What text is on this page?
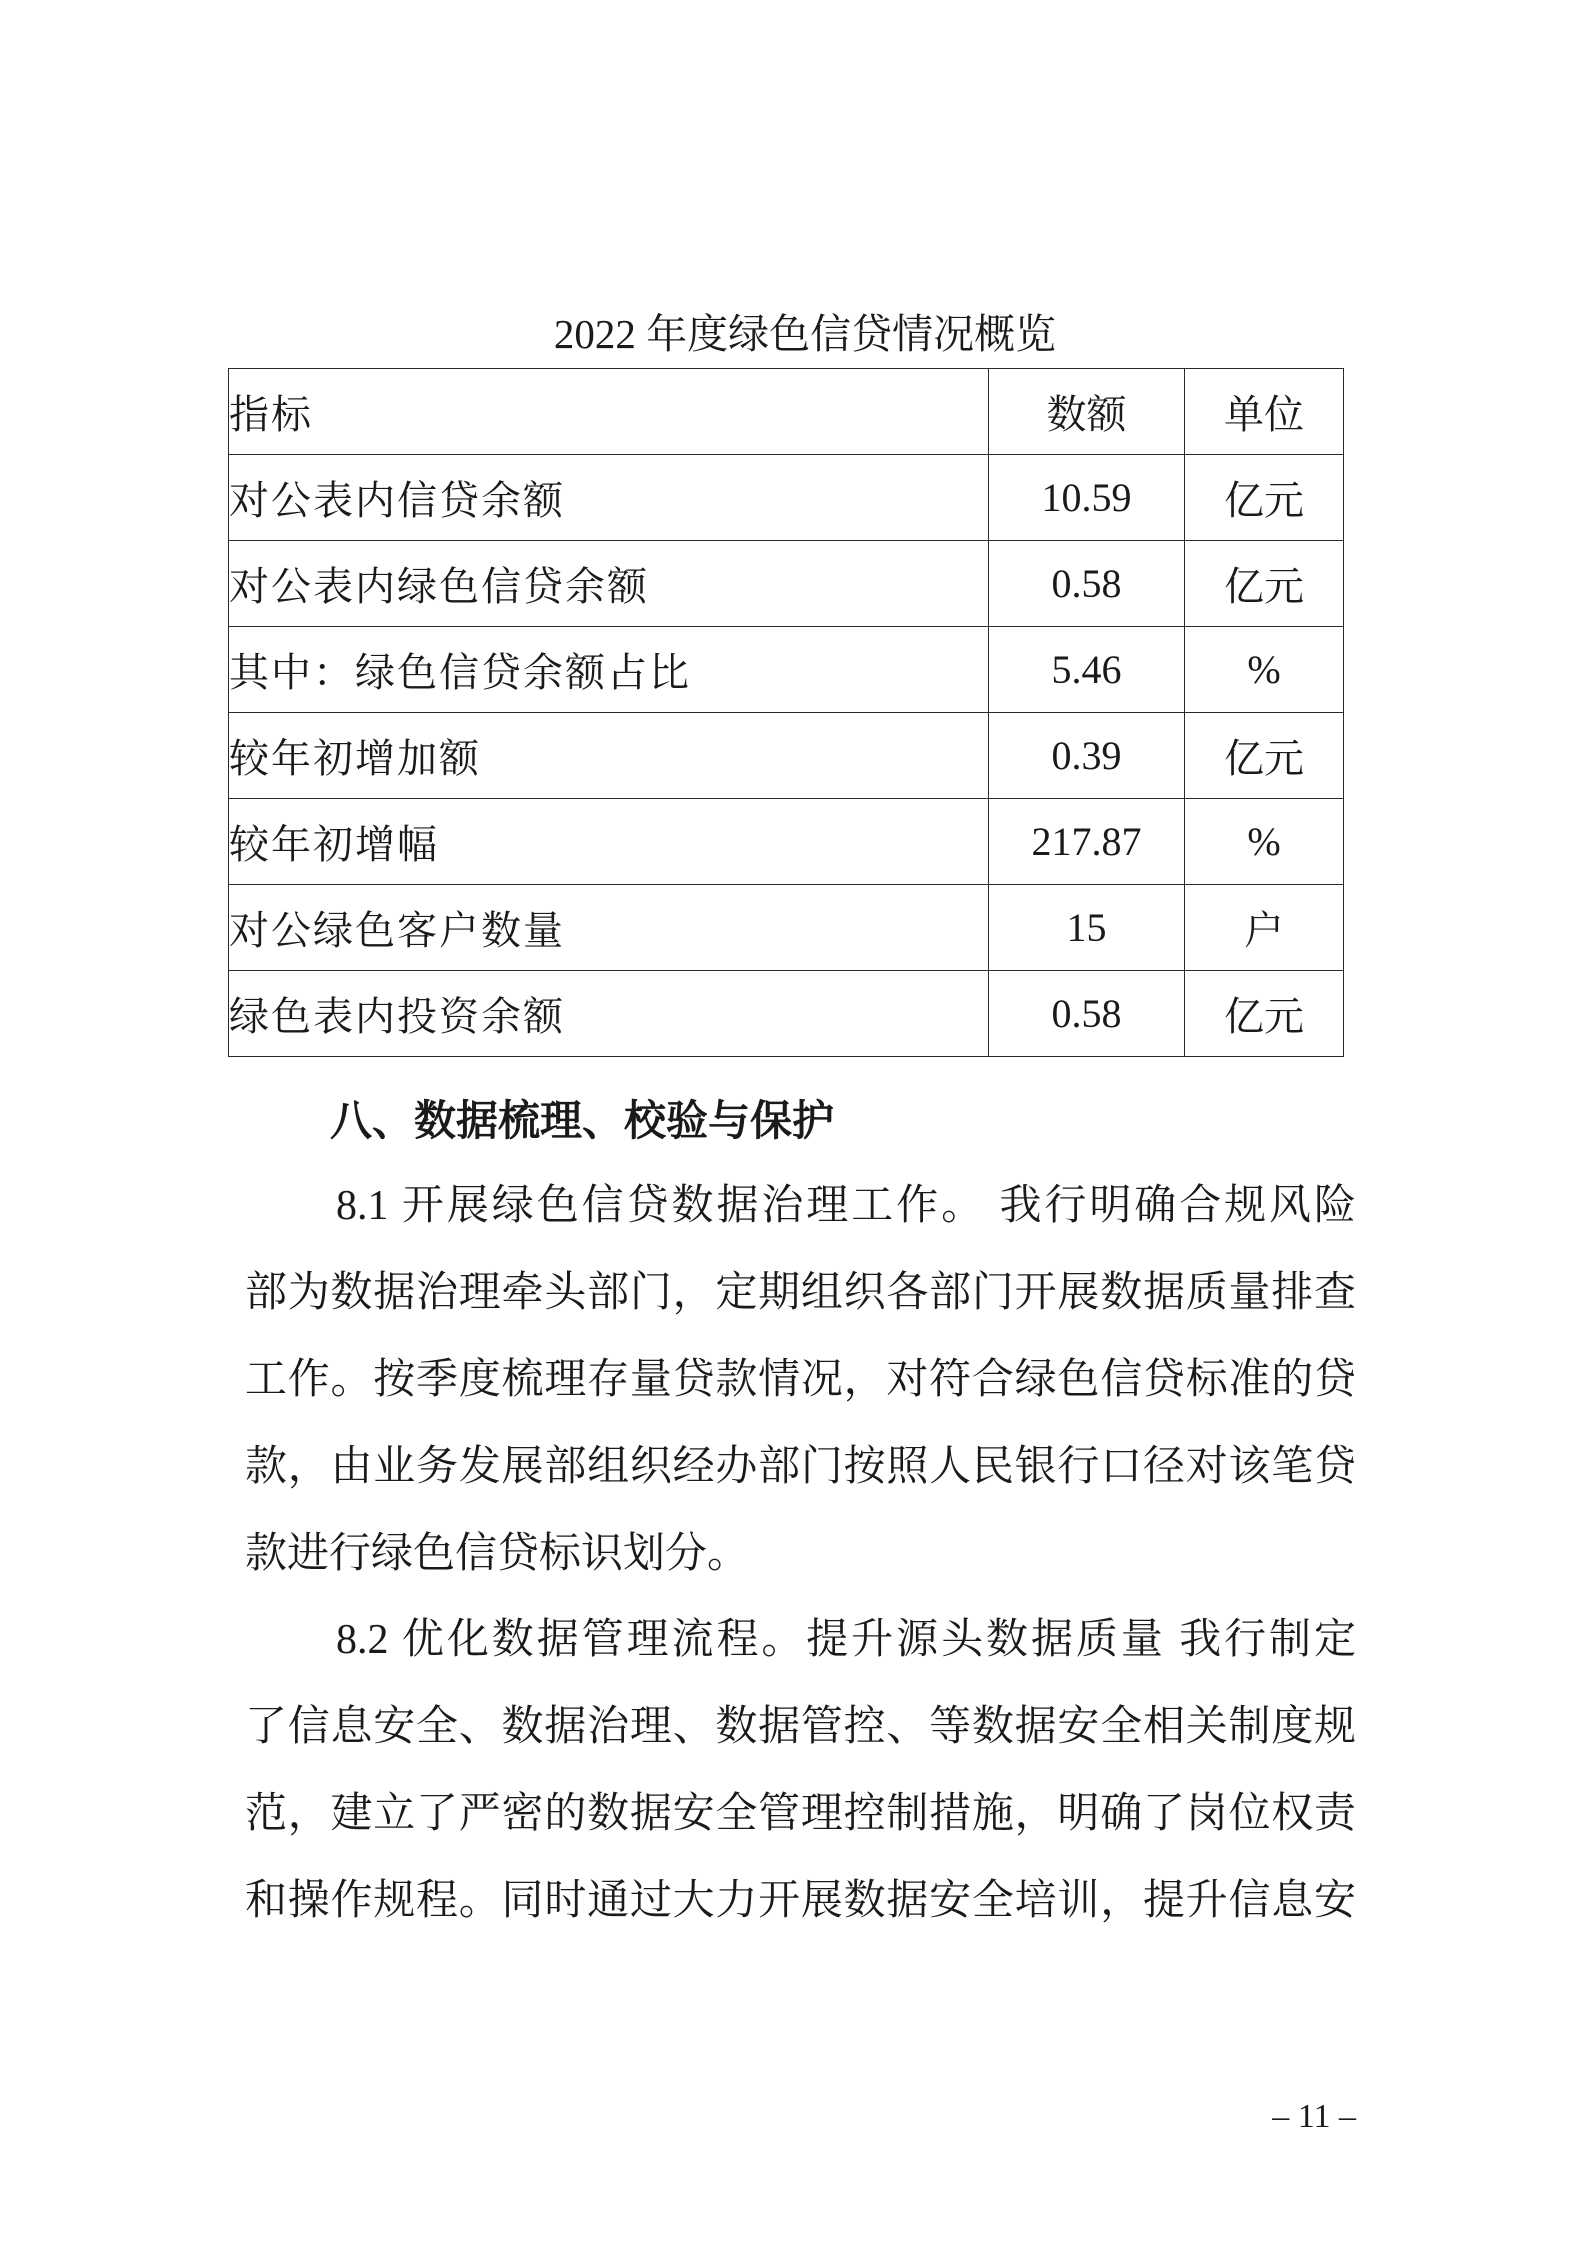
2022 年度绿色信贷情况概览
指标	数额	单位
对公表内信贷余额	10.59	亿元
对公表内绿色信贷余额	0.58	亿元
其中：绿色信贷余额占比	5.46	%
较年初增加额	0.39	亿元
较年初增幅	217.87	%
对公绿色客户数量	15	户
绿色表内投资余额	0.58	亿元
八、数据梳理、校验与保护
8.1 开展绿色信贷数据治理工作。 我行明确合规风险
部为数据治理牵头部门，定期组织各部门开展数据质量排查
工作。按季度梳理存量贷款情况，对符合绿色信贷标准的贷
款，由业务发展部组织经办部门按照人民银行口径对该笔贷
款进行绿色信贷标识划分。
8.2 优化数据管理流程。提升源头数据质量 我行制定
了信息安全、数据治理、数据管控、等数据安全相关制度规
范，建立了严密的数据安全管理控制措施，明确了岗位权责
和操作规程。同时通过大力开展数据安全培训，提升信息安
– 11 –
